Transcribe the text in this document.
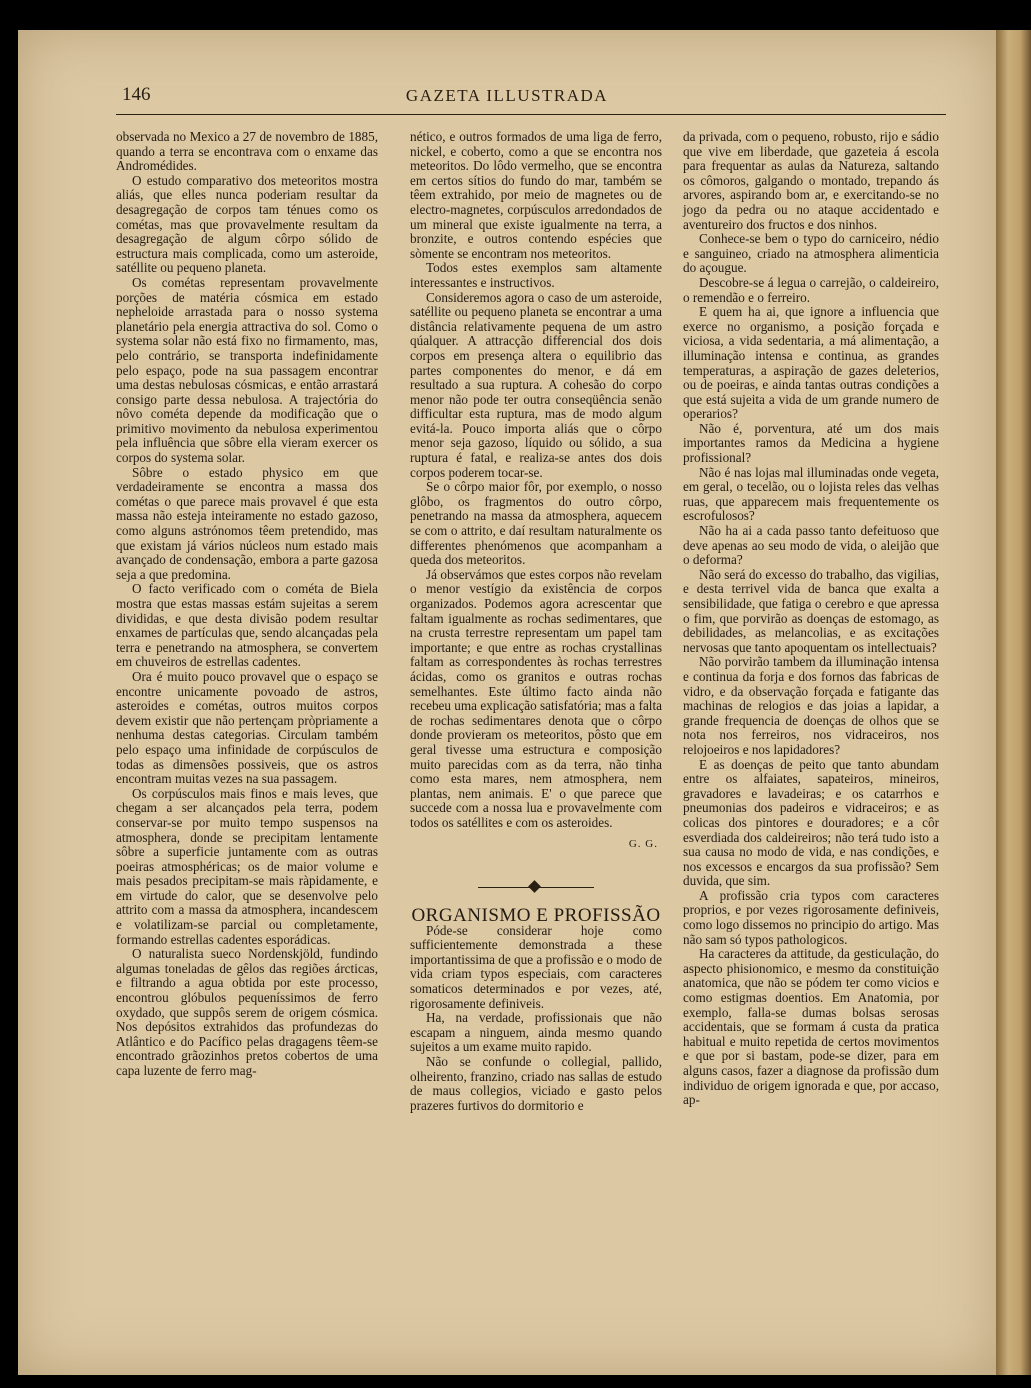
146	GAZETA ILLUSTRADA

observada no Mexico a 27 de novembro de 1885, quando a terra se encontrava com o enxame das Andromédides.

O estudo comparativo dos meteoritos mostra aliás, que elles nunca poderiam resultar da desagregação de corpos tam ténues como os cométas, mas que provavelmente resultam da desagregação de algum côrpo sólido de estructura mais complicada, como um asteroide, satéllite ou pequeno planeta.

Os cométas representam provavelmente porções de matéria cósmica em estado nepheloide arrastada para o nosso systema planetário pela energia attractiva do sol. Como o systema solar não está fixo no firmamento, mas, pelo contrário, se transporta indefinidamente pelo espaço, pode na sua passagem encontrar uma destas nebulosas cósmicas, e então arrastará consigo parte dessa nebulosa. A trajectória do nôvo cométa depende da modificação que o primitivo movimento da nebulosa experimentou pela influência que sôbre ella vieram exercer os corpos do systema solar.

Sôbre o estado physico em que verdadeiramente se encontra a massa dos cométas o que parece mais provavel é que esta massa não esteja inteiramente no estado gazoso, como alguns astrónomos têem pretendido, mas que existam já vários núcleos num estado mais avançado de condensação, embora a parte gazosa seja a que predomina.

O facto verificado com o cométa de Biela mostra que estas massas estám sujeitas a serem divididas, e que desta divisão podem resultar enxames de partículas que, sendo alcançadas pela terra e penetrando na atmosphera, se convertem em chuveiros de estrellas cadentes.

Ora é muito pouco provavel que o espaço se encontre unicamente povoado de astros, asteroides e cométas, outros muitos corpos devem existir que não pertençam pròpriamente a nenhuma destas categorias. Circulam também pelo espaço uma infinidade de corpúsculos de todas as dimensões possiveis, que os astros encontram muitas vezes na sua passagem.

Os corpúsculos mais finos e mais leves, que chegam a ser alcançados pela terra, podem conservar-se por muito tempo suspensos na atmosphera, donde se precipitam lentamente sôbre a superficie juntamente com as outras poeiras atmosphéricas; os de maior volume e mais pesados precipitam-se mais ràpidamente, e em virtude do calor, que se desenvolve pelo attrito com a massa da atmosphera, incandescem e volatilizam-se parcial ou completamente, formando estrellas cadentes esporádicas.

O naturalista sueco Nordenskjöld, fundindo algumas toneladas de gêlos das regiões árcticas, e filtrando a agua obtida por este processo, encontrou glóbulos pequeníssimos de ferro oxydado, que suppôs serem de origem cósmica. Nos depósitos extrahidos das profundezas do Atlântico e do Pacífico pelas dragagens têem-se encontrado grãozinhos pretos cobertos de uma capa luzente de ferro mag-

nético, e outros formados de uma liga de ferro, nickel, e coberto, como a que se encontra nos meteoritos. Do lôdo vermelho, que se encontra em certos sítios do fundo do mar, também se têem extrahido, por meio de magnetes ou de electro-magnetes, corpúsculos arredondados de um mineral que existe igualmente na terra, a bronzite, e outros contendo espécies que sòmente se encontram nos meteoritos.

Todos estes exemplos sam altamente interessantes e instructivos.

Consideremos agora o caso de um asteroide, satéllite ou pequeno planeta se encontrar a uma distância relativamente pequena de um astro qúalquer. A attracção differencial dos dois corpos em presença altera o equilibrio das partes componentes do menor, e dá em resultado a sua ruptura. A cohesão do corpo menor não pode ter outra conseqüência senão difficultar esta ruptura, mas de modo algum evitá-la. Pouco importa aliás que o côrpo menor seja gazoso, líquido ou sólido, a sua ruptura é fatal, e realiza-se antes dos dois corpos poderem tocar-se.

Se o côrpo maior fôr, por exemplo, o nosso glôbo, os fragmentos do outro côrpo, penetrando na massa da atmosphera, aquecem se com o attrito, e daí resultam naturalmente os differentes phenómenos que acompanham a queda dos meteoritos.

Já observámos que estes corpos não revelam o menor vestígio da existência de corpos organizados. Podemos agora acrescentar que faltam igualmente as rochas sedimentares, que na crusta terrestre representam um papel tam importante; e que entre as rochas crystallinas faltam as correspondentes às rochas terrestres ácidas, como os granitos e outras rochas semelhantes. Este último facto ainda não recebeu uma explicação satisfatória; mas a falta de rochas sedimentares denota que o côrpo donde provieram os meteoritos, pôsto que em geral tivesse uma estructura e composição muito parecidas com as da terra, não tinha como esta mares, nem atmosphera, nem plantas, nem animais. E' o que parece que succede com a nossa lua e provavelmente com todos os satéllites e com os asteroides.

G. G.

ORGANISMO E PROFISSÃO

Póde-se considerar hoje como sufficientemente demonstrada a these importantissima de que a profissão e o modo de vida criam typos especiais, com caracteres somaticos determinados e por vezes, até, rigorosamente definiveis.

Ha, na verdade, profissionais que não escapam a ninguem, ainda mesmo quando sujeitos a um exame muito rapido.

Não se confunde o collegial, pallido, olheirento, franzino, criado nas sallas de estudo de maus collegios, viciado e gasto pelos prazeres furtivos do dormitorio e

da privada, com o pequeno, robusto, rijo e sádio que vive em liberdade, que gazeteia á escola para frequentar as aulas da Natureza, saltando os cômoros, galgando o montado, trepando ás arvores, aspirando bom ar, e exercitando-se no jogo da pedra ou no ataque accidentado e aventureiro dos fructos e dos ninhos.

Conhece-se bem o typo do carniceiro, nédio e sanguineo, criado na atmosphera alimenticia do açougue.

Descobre-se á legua o carrejão, o caldeireiro, o remendão e o ferreiro.

E quem ha ai, que ignore a influencia que exerce no organismo, a posição forçada e viciosa, a vida sedentaria, a má alimentação, a illuminação intensa e continua, as grandes temperaturas, a aspiração de gazes deleterios, ou de poeiras, e ainda tantas outras condições a que está sujeita a vida de um grande numero de operarios?

Não é, porventura, até um dos mais importantes ramos da Medicina a hygiene profissional?

Não é nas lojas mal illuminadas onde vegeta, em geral, o tecelão, ou o lojista reles das velhas ruas, que apparecem mais frequentemente os escrofulosos?

Não ha ai a cada passo tanto defeituoso que deve apenas ao seu modo de vida, o aleijão que o deforma?

Não será do excesso do trabalho, das vigilias, e desta terrivel vida de banca que exalta a sensibilidade, que fatiga o cerebro e que apressa o fim, que porvirão as doenças de estomago, as debilidades, as melancolias, e as excitações nervosas que tanto apoquentam os intellectuais?

Não porvirão tambem da illuminação intensa e continua da forja e dos fornos das fabricas de vidro, e da observação forçada e fatigante das machinas de relogios e das joias a lapidar, a grande frequencia de doenças de olhos que se nota nos ferreiros, nos vidraceiros, nos relojoeiros e nos lapidadores?

E as doenças de peito que tanto abundam entre os alfaiates, sapateiros, mineiros, gravadores e lavadeiras; e os catarrhos e pneumonias dos padeiros e vidraceiros; e as colicas dos pintores e douradores; e a côr esverdiada dos caldeireiros; não terá tudo isto a sua causa no modo de vida, e nas condições, e nos excessos e encargos da sua profissão? Sem duvida, que sim.

A profissão cria typos com caracteres proprios, e por vezes rigorosamente definiveis, como logo dissemos no principio do artigo. Mas não sam só typos pathologicos.

Ha caracteres da attitude, da gesticulação, do aspecto phisionomico, e mesmo da constituição anatomica, que não se pódem ter como vicios e como estigmas doentios. Em Anatomia, por exemplo, falla-se dumas bolsas serosas accidentais, que se formam á custa da pratica habitual e muito repetida de certos movimentos e que por si bastam, pode-se dizer, para em alguns casos, fazer a diagnose da profissão dum individuo de origem ignorada e que, por accaso, ap-
